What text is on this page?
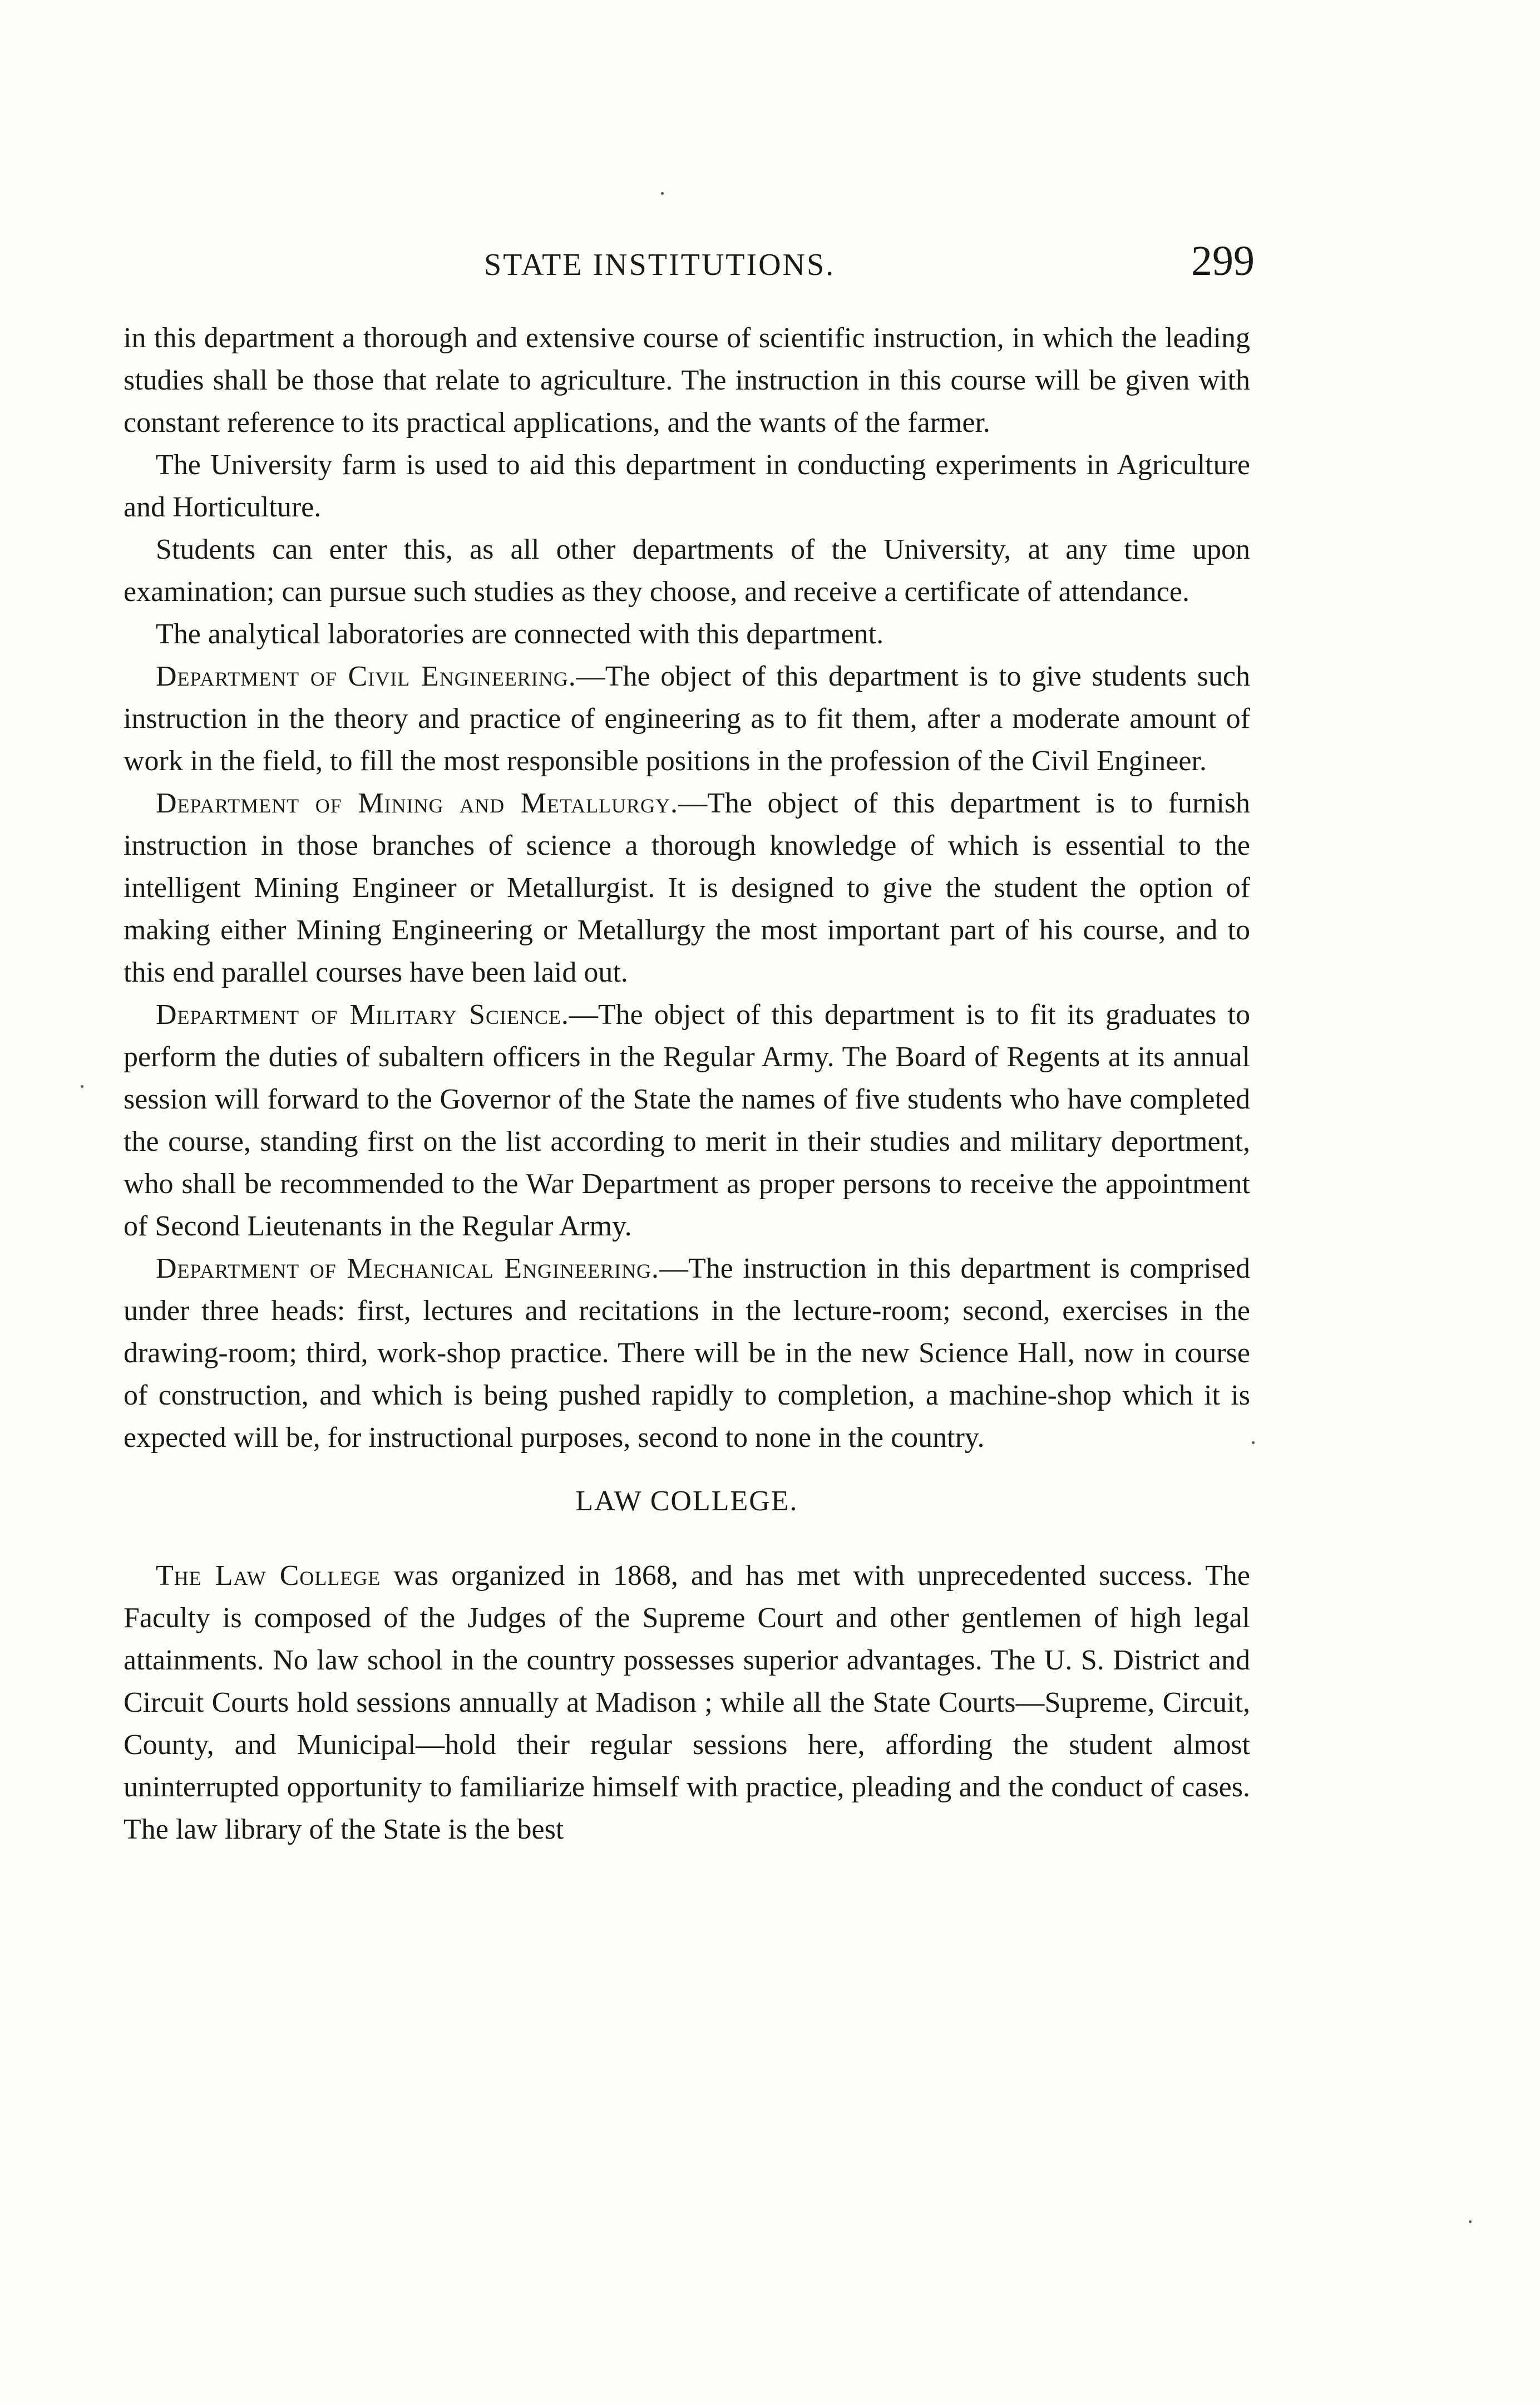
STATE INSTITUTIONS.	299

in this department a thorough and extensive course of scientific instruction, in which the leading studies shall be those that relate to agriculture. The instruction in this course will be given with constant reference to its practical applications, and the wants of the farmer.

The University farm is used to aid this department in conducting experiments in Agriculture and Horticulture.

Students can enter this, as all other departments of the University, at any time upon examination; can pursue such studies as they choose, and receive a certificate of attendance.

The analytical laboratories are connected with this department.

Department of Civil Engineering.—The object of this department is to give students such instruction in the theory and practice of engineering as to fit them, after a moderate amount of work in the field, to fill the most responsible positions in the profession of the Civil Engineer.

Department of Mining and Metallurgy.—The object of this department is to furnish instruction in those branches of science a thorough knowledge of which is essential to the intelligent Mining Engineer or Metallurgist. It is designed to give the student the option of making either Mining Engineering or Metallurgy the most important part of his course, and to this end parallel courses have been laid out.

Department of Military Science.—The object of this department is to fit its graduates to perform the duties of subaltern officers in the Regular Army. The Board of Regents at its annual session will forward to the Governor of the State the names of five students who have completed the course, standing first on the list according to merit in their studies and military deportment, who shall be recommended to the War Department as proper persons to receive the appointment of Second Lieutenants in the Regular Army.

Department of Mechanical Engineering.—The instruction in this department is comprised under three heads: first, lectures and recitations in the lecture-room; second, exercises in the drawing-room; third, work-shop practice. There will be in the new Science Hall, now in course of construction, and which is being pushed rapidly to completion, a machine-shop which it is expected will be, for instructional purposes, second to none in the country.

LAW COLLEGE.

The Law College was organized in 1868, and has met with unprecedented success. The Faculty is composed of the Judges of the Supreme Court and other gentlemen of high legal attainments. No law school in the country possesses superior advantages. The U. S. District and Circuit Courts hold sessions annually at Madison ; while all the State Courts—Supreme, Circuit, County, and Municipal—hold their regular sessions here, affording the student almost uninterrupted opportunity to familiarize himself with practice, pleading and the conduct of cases. The law library of the State is the best
